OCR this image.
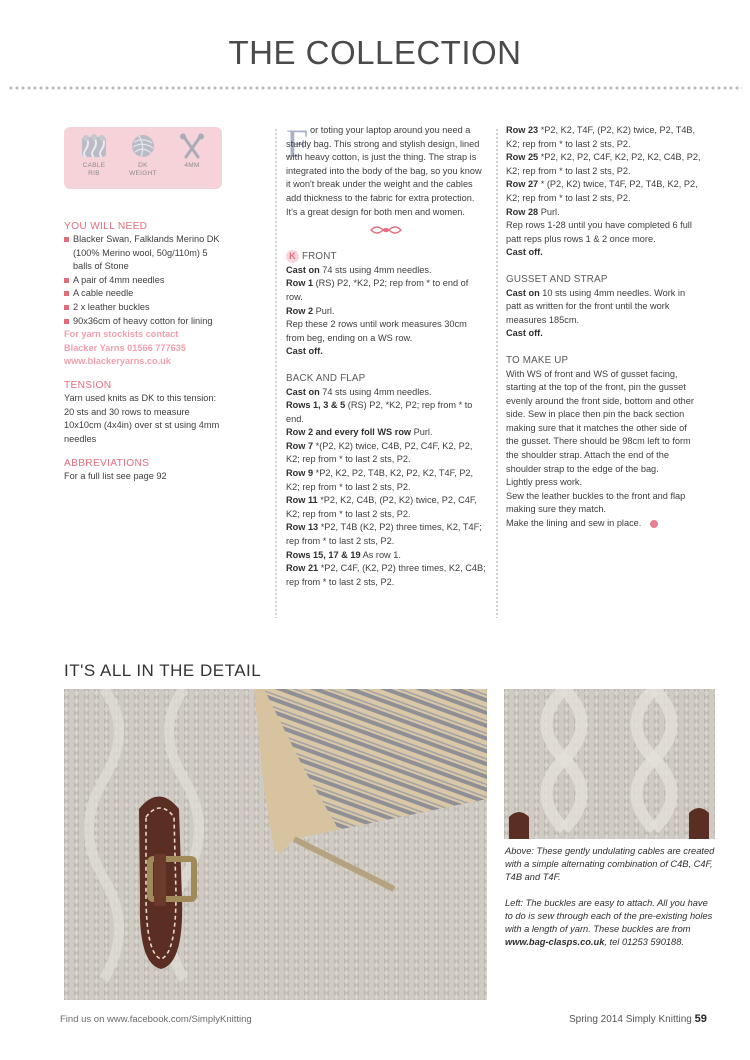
THE COLLECTION
CABLE
RIB
DK
WEIGHT
4MM
YOU WILL NEED
Blacker Swan, Falklands Merino DK (100% Merino wool, 50g/110m) 5 balls of Stone
A pair of 4mm needles
A cable needle
2 x leather buckles
90x36cm of heavy cotton for lining
For yarn stockists contact
Blacker Yarns 01566 777635
www.blackeryarns.co.uk
TENSION

Yarn used knits as DK to this tension: 20 sts and 30 rows to measure 10x10cm (4x4in) over st st using 4mm needles

ABBREVIATIONS

For a full list see page 92

F or toting your laptop around you need a sturdy bag. This strong and stylish design, lined with heavy cotton, is just the thing. The strap is integrated into the body of the bag, so you know it won't break under the weight and the cables add thickness to the fabric for extra protection. It's a great design for both men and women.

K FRONT

Cast on 74 sts using 4mm needles.

Row 1 (RS) P2, *K2, P2; rep from * to end of row.

Row 2 Purl.

Rep these 2 rows until work measures 30cm from beg, ending on a WS row.

Cast off.

BACK AND FLAP

Cast on 74 sts using 4mm needles.

Rows 1, 3 & 5 (RS) P2, *K2, P2; rep from * to end.

Row 2 and every foll WS row Purl.

Row 7 *(P2, K2) twice, C4B, P2, C4F, K2, P2, K2; rep from * to last 2 sts, P2.

Row 9 *P2, K2, P2, T4B, K2, P2, K2, T4F, P2, K2; rep from * to last 2 sts, P2.

Row 11 *P2, K2, C4B, (P2, K2) twice, P2, C4F, K2; rep from * to last 2 sts, P2.

Row 13 *P2, T4B (K2, P2) three times, K2, T4F; rep from * to last 2 sts, P2.

Rows 15, 17 & 19 As row 1.

Row 21 *P2, C4F, (K2, P2) three times, K2, C4B; rep from * to last 2 sts, P2.

Row 23 *P2, K2, T4F, (P2, K2) twice, P2, T4B, K2; rep from * to last 2 sts, P2.

Row 25 *P2, K2, P2, C4F, K2, P2, K2, C4B, P2, K2; rep from * to last 2 sts, P2.

Row 27 * (P2, K2) twice, T4F, P2, T4B, K2, P2, K2; rep from * to last 2 sts, P2.

Row 28 Purl.

Rep rows 1-28 until you have completed 6 full patt reps plus rows 1 & 2 once more.

Cast off.

GUSSET AND STRAP

Cast on 10 sts using 4mm needles. Work in patt as written for the front until the work measures 185cm.

Cast off.

TO MAKE UP

With WS of front and WS of gusset facing, starting at the top of the front, pin the gusset evenly around the front side, bottom and other side. Sew in place then pin the back section making sure that it matches the other side of the gusset. There should be 98cm left to form the shoulder strap. Attach the end of the shoulder strap to the edge of the bag.

Lightly press work.

Sew the leather buckles to the front and flap making sure they match.

Make the lining and sew in place.

IT'S ALL IN THE DETAIL

Above: These gently undulating cables are created with a simple alternating combination of C4B, C4F, T4B and T4F.

Left: The buckles are easy to attach. All you have to do is sew through each of the pre-existing holes with a length of yarn. These buckles are from www.bag-clasps.co.uk, tel 01253 590188.

Find us on www.facebook.com/SimplyKnitting	Spring 2014 Simply Knitting 59
